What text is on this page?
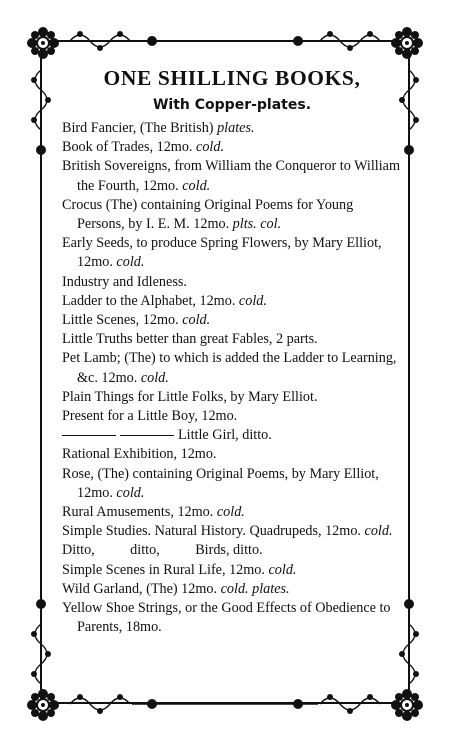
ONE SHILLING BOOKS,
With Copper-plates.
Bird Fancier, (The British) plates.
Book of Trades, 12mo. cold.
British Sovereigns, from William the Conqueror to William the Fourth, 12mo. cold.
Crocus (The) containing Original Poems for Young Persons, by I. E. M. 12mo. plts. col.
Early Seeds, to produce Spring Flowers, by Mary Elliot, 12mo. cold.
Industry and Idleness.
Ladder to the Alphabet, 12mo. cold.
Little Scenes, 12mo. cold.
Little Truths better than great Fables, 2 parts.
Pet Lamb; (The) to which is added the Ladder to Learning, &c. 12mo. cold.
Plain Things for Little Folks, by Mary Elliot.
Present for a Little Boy, 12mo.
Little Girl, ditto.
Rational Exhibition, 12mo.
Rose, (The) containing Original Poems, by Mary Elliot, 12mo. cold.
Rural Amusements, 12mo. cold.
Simple Studies. Natural History. Quadrupeds, 12mo. cold.
Ditto,          ditto,          Birds, ditto.
Simple Scenes in Rural Life, 12mo. cold.
Wild Garland, (The) 12mo. cold. plates.
Yellow Shoe Strings, or the Good Effects of Obedience to Parents, 18mo.
